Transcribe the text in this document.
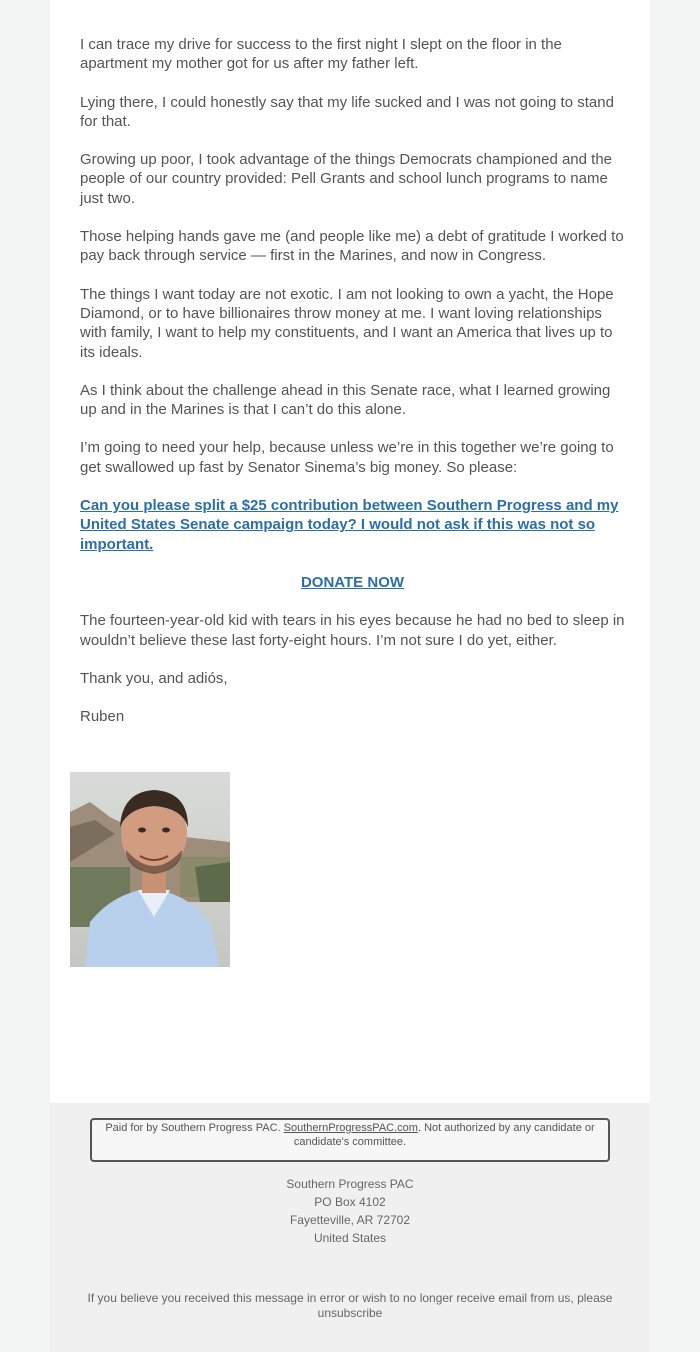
I can trace my drive for success to the first night I slept on the floor in the apartment my mother got for us after my father left.

Lying there, I could honestly say that my life sucked and I was not going to stand for that.

Growing up poor, I took advantage of the things Democrats championed and the people of our country provided: Pell Grants and school lunch programs to name just two.

Those helping hands gave me (and people like me) a debt of gratitude I worked to pay back through service — first in the Marines, and now in Congress.

The things I want today are not exotic. I am not looking to own a yacht, the Hope Diamond, or to have billionaires throw money at me. I want loving relationships with family, I want to help my constituents, and I want an America that lives up to its ideals.

As I think about the challenge ahead in this Senate race, what I learned growing up and in the Marines is that I can’t do this alone.

I’m going to need your help, because unless we’re in this together we’re going to get swallowed up fast by Senator Sinema’s big money. So please:

Can you please split a $25 contribution between Southern Progress and my United States Senate campaign today? I would not ask if this was not so important.

DONATE NOW

The fourteen-year-old kid with tears in his eyes because he had no bed to sleep in wouldn’t believe these last forty-eight hours. I’m not sure I do yet, either.

Thank you, and adiós,

Ruben

Paid for by Southern Progress PAC. SouthernProgressPAC.com. Not authorized by any candidate or candidate's committee.
Southern Progress PAC
PO Box 4102
Fayetteville, AR 72702
United States
If you believe you received this message in error or wish to no longer receive email from us, please unsubscribe
